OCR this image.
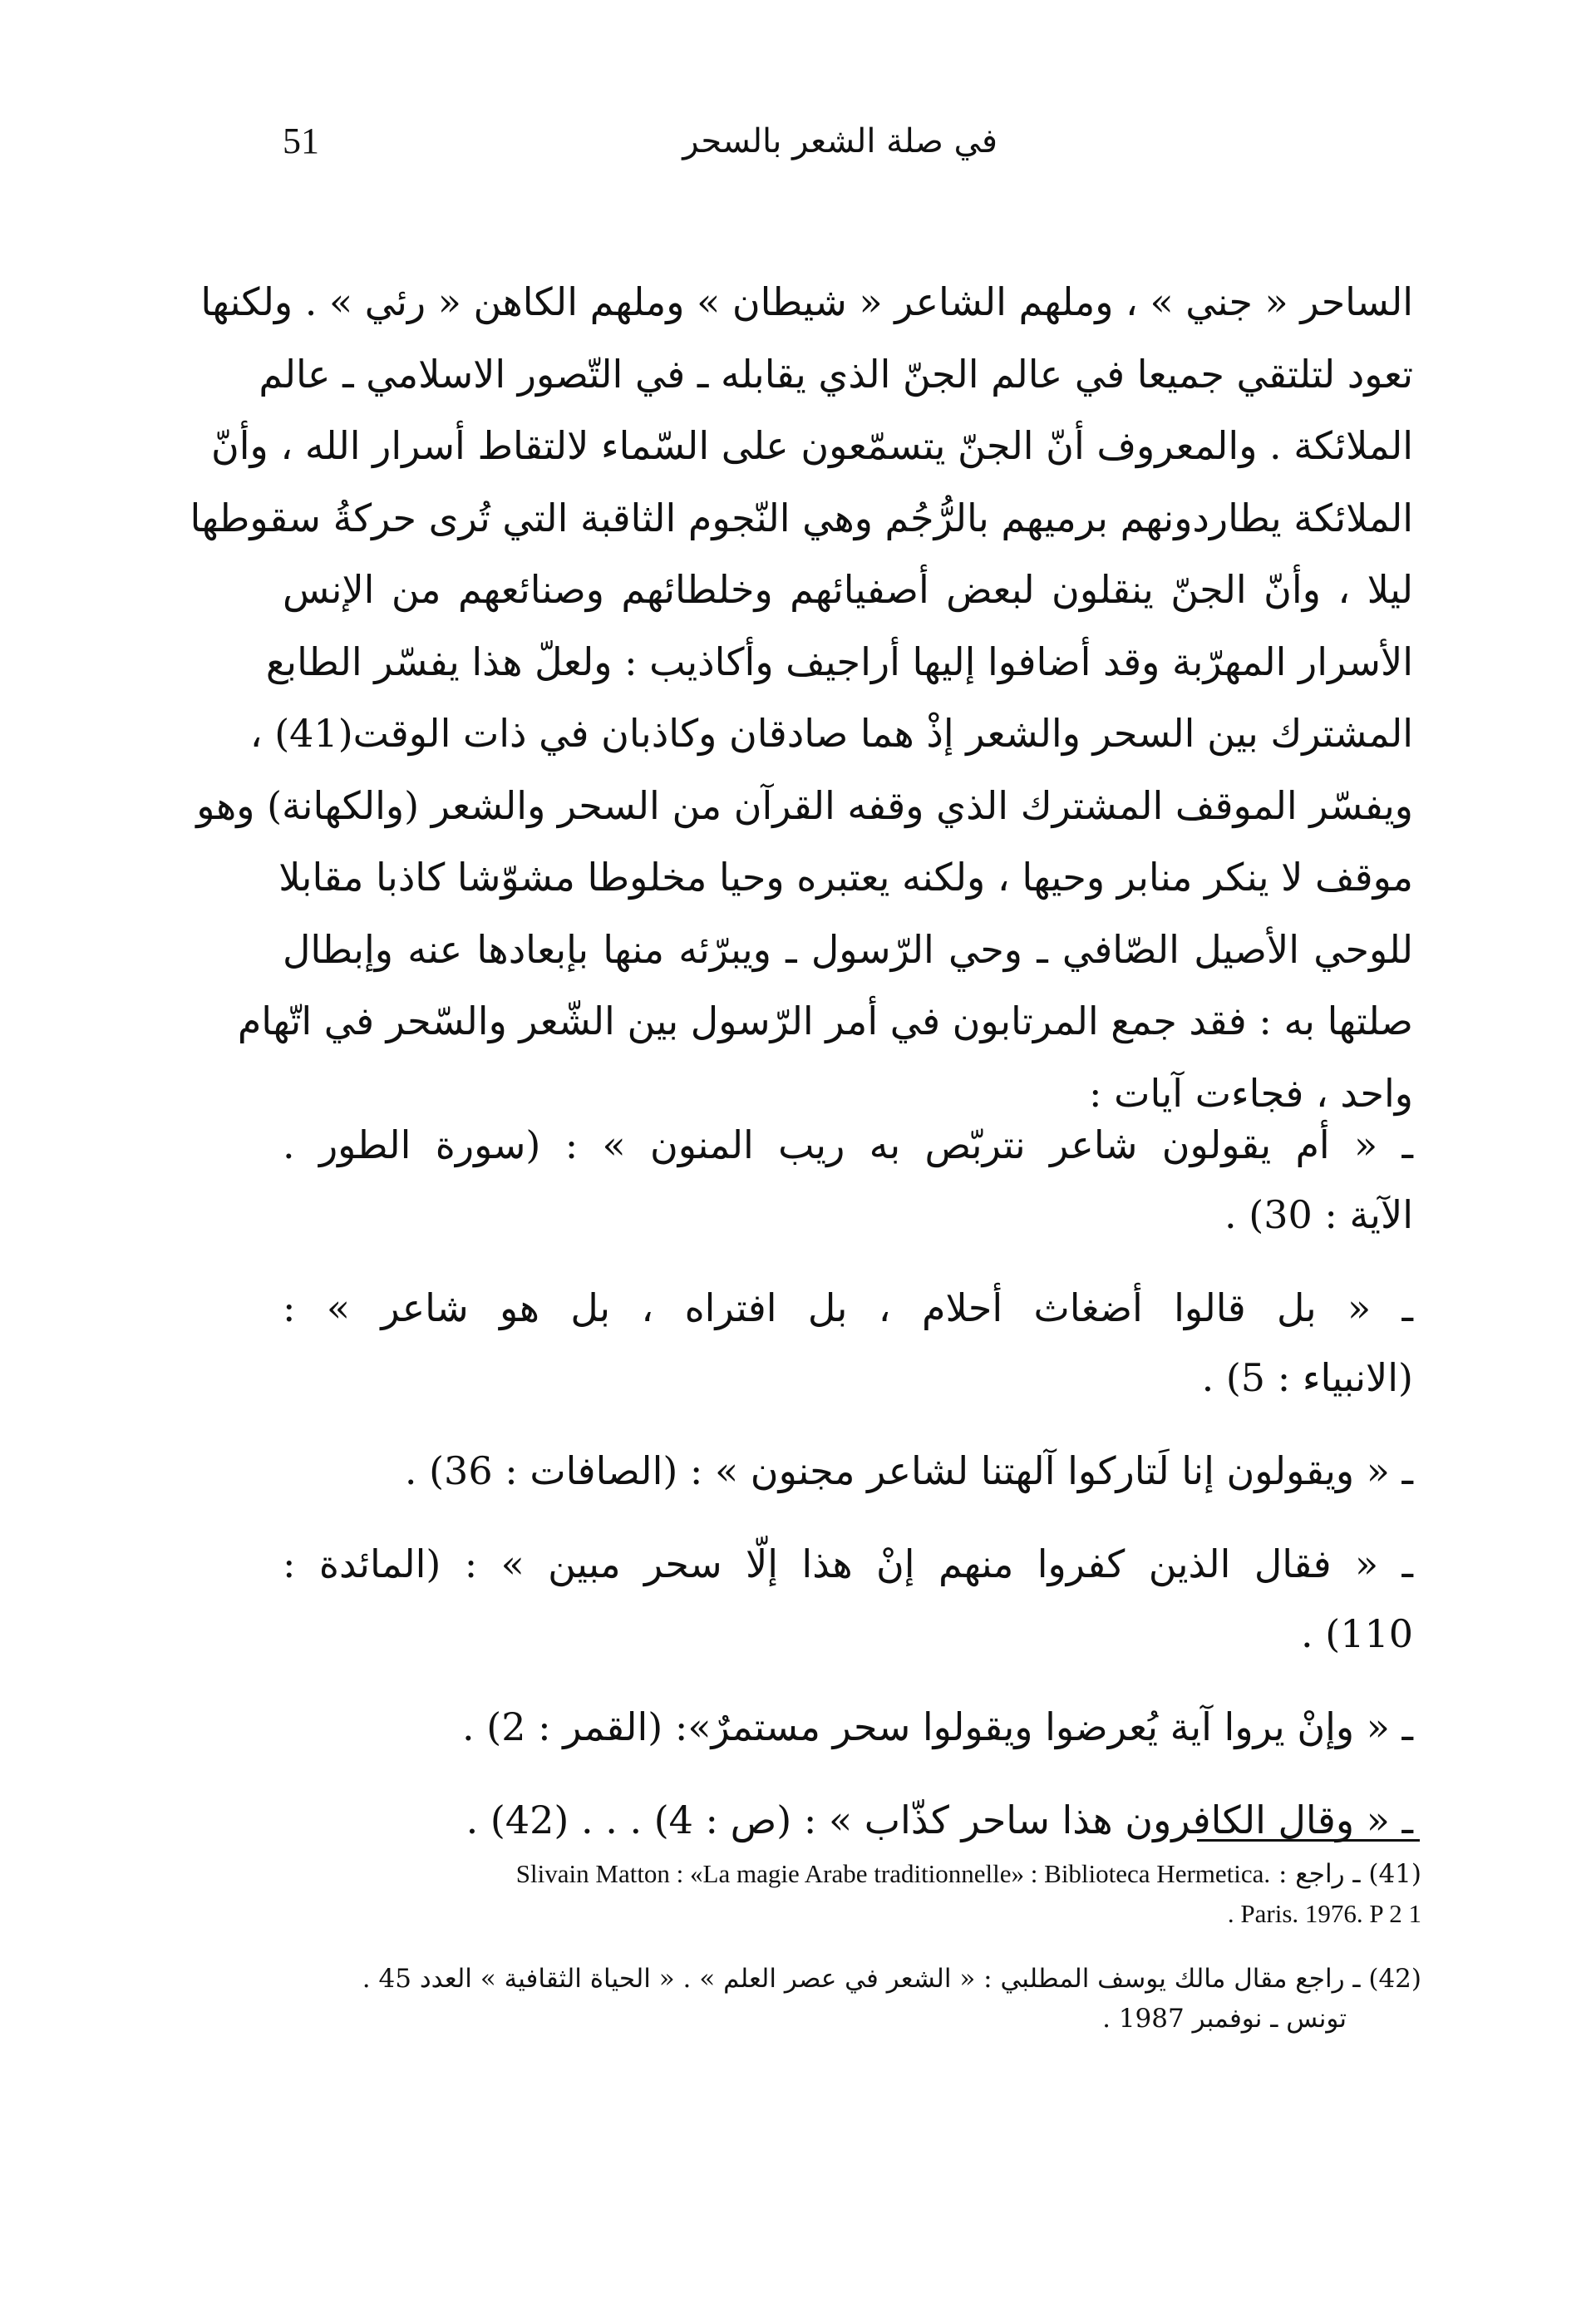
51	في صلة الشعر بالسحر
الساحر « جني » ، وملهم الشاعر « شيطان » وملهم الكاهن « رئي » . ولكنها
تعود لتلتقي جميعا في عالم الجنّ الذي يقابله ـ في التّصور الاسلامي ـ عالم
الملائكة . والمعروف أنّ الجنّ يتسمّعون على السّماء لالتقاط أسرار الله ، وأنّ
الملائكة يطاردونهم برميهم بالرُّجُم وهي النّجوم الثاقبة التي تُرى حركةُ سقوطها
ليلا ، وأنّ الجنّ ينقلون لبعض أصفيائهم وخلطائهم وصنائعهم من الإنس
الأسرار المهرّبة وقد أضافوا إليها أراجيف وأكاذيب : ولعلّ هذا يفسّر الطابع
المشترك بين السحر والشعر إذْ هما صادقان وكاذبان في ذات الوقت(41) ،
ويفسّر الموقف المشترك الذي وقفه القرآن من السحر والشعر (والكهانة) وهو
موقف لا ينكر منابر وحيها ، ولكنه يعتبره وحيا مخلوطا مشوّشا كاذبا مقابلا
للوحي الأصيل الصّافي ـ وحي الرّسول ـ ويبرّئه منها بإبعادها عنه وإبطال
صلتها به : فقد جمع المرتابون في أمر الرّسول بين الشّعر والسّحر في اتّهام
واحد ، فجاءت آيات :
ـ « أم يقولون شاعر نتربّص به ريب المنون » : (سورة الطور .
الآية : 30) .
ـ « بل قالوا أضغاث أحلام ، بل افتراه ، بل هو شاعر » :
(الانبياء : 5) .
ـ « ويقولون إنا لَتاركوا آلهتنا لشاعر مجنون » : (الصافات : 36) .
ـ « فقال الذين كفروا منهم إنْ هذا إلّا سحر مبين » : (المائدة :
110) .
ـ « وإنْ يروا آية يُعرضوا ويقولوا سحر مستمرٌ»: (القمر : 2) .
ـ « وقال الكافرون هذا ساحر كذّاب » : (ص : 4) . . . (42) .
(41) ـ راجع : Slivain Matton : «La magie Arabe traditionnelle» : Biblioteca Hermetica.
. Paris. 1976. P 2 1
(42) ـ راجع مقال مالك يوسف المطلبي : « الشعر في عصر العلم » . « الحياة الثقافية » العدد 45 .
تونس ـ نوفمبر 1987 .
